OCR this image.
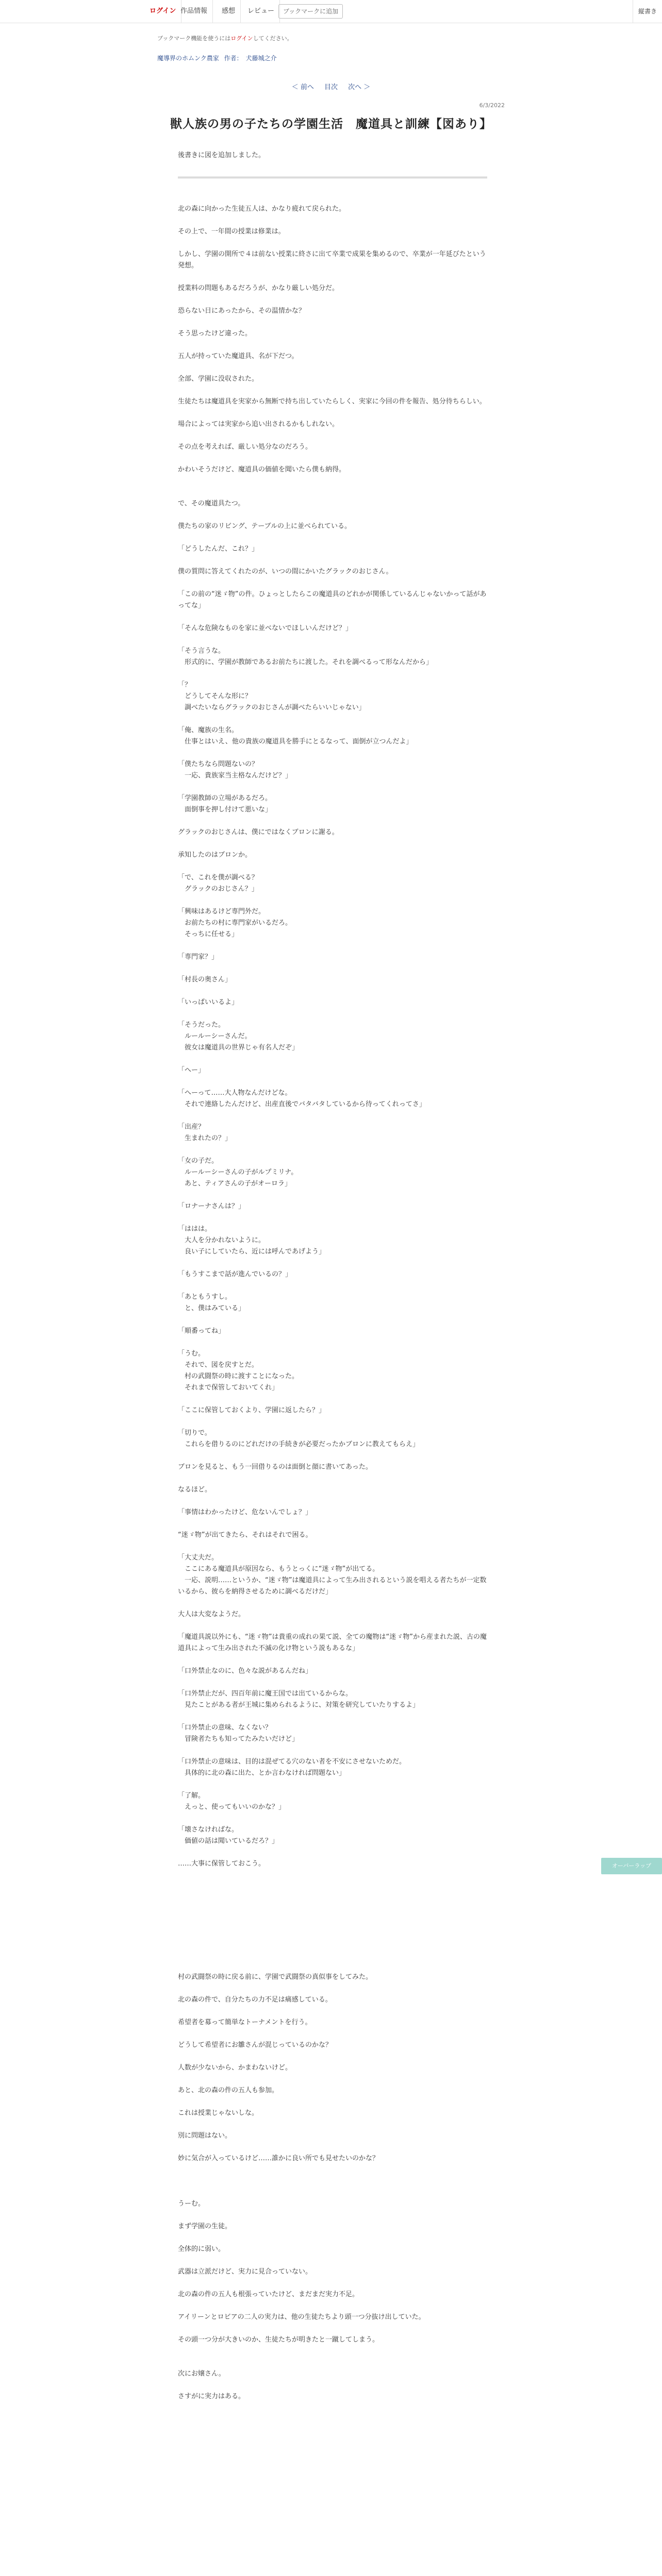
ログイン 作品情報	感想	レビュー	ブックマークに追加	縦書き
ブックマーク機能を使うにはログインしてください。
魔導界のホムンク農家 作者： 犬藤城之介
＜ 前へ 目次 次へ ＞
6/3/2022
獣人族の男の子たちの学園生活　魔道具と訓練【図あり】
後書きに図を追加しました。

北の森に向かった生徒五人は、かなり疲れて戻られた。

その上で、一年間の授業は修業は。

しかし、学園の開所で４は前ない授業に終さに出て卒業で成果を集めるので、卒業が一年延びたという発想。

授業料の問題もあるだろうが、かなり厳しい処分だ。

恐らない日にあったから、その温情かな？

そう思ったけど違った。

五人が持っていた魔道具、名が下だつ。

全部、学園に没収された。

生徒たちは魔道具を実家から無断で持ち出していたらしく、実家に今回の件を報告、処分待ちらしい。

場合によっては実家から追い出されるかもしれない。

その点を考えれば、厳しい処分なのだろう。

かわいそうだけど、魔道具の価値を聞いたら僕も納得。

で、その魔道具たつ。

僕たちの家のリビング、テーブルの上に並べられている。

「どうしたんだ、これ？」

僕の質問に答えてくれたのが、いつの間にかいたグラックのおじさん。

「この前の“迷ゞ物”の件。ひょっとしたらこの魔道具のどれかが関係しているんじゃないかって話があってな」

「そんな危険なものを家に並べないでほしいんだけど？」

「そう言うな。

　形式的に、学園が教師であるお前たちに渡した。それを調べるって形なんだから」

「？

　どうしてそんな形に？

　調べたいならグラックのおじさんが調べたらいいじゃない」

「俺、魔族の生名。

　仕事とはいえ、他の貴族の魔道具を勝手にとるなって、面倒が立つんだよ」

「僕たちなら問題ないの？

　一応、貴族家当主格なんだけど？」

「学園教師の立場があるだろ。

　面倒事を押し付けて悪いな」

グラックのおじさんは、僕にではなくブロンに謝る。

承知したのはブロンか。

「で、これを僕が調べる？

　グラックのおじさん？」

「興味はあるけど専門外だ。

　お前たちの村に専門家がいるだろ。

　そっちに任せる」

「専門家？」

「村長の奥さん」

「いっぱいいるよ」

「そうだった。

　ルールーシーさんだ。

　彼女は魔道具の世界じゃ有名人だぞ」

「へー」

「へーって……大人物なんだけどな。

　それで連絡したんだけど、出産直後でバタバタしているから待ってくれってさ」

「出産？

　生まれたの？」

「女の子だ。

　ルールーシーさんの子がルプミリナ。

　あと、ティアさんの子がオーロラ」

「ロナーナさんは？」

「ははは。

　大人を分かれないように。

　良い子にしていたら、近には呼んであげよう」

「もうすこまで話が進んでいるの？」

「あともうすし。

　と、僕はみている」

「順番ってね」

「うむ。

　それで、図を戻すとだ。

　村の武闘祭の時に渡すことになった。

　それまで保管しておいてくれ」

「ここに保管しておくより、学園に返したら？」

「切りで。

　これらを借りるのにどれだけの手続きが必要だったかブロンに教えてもらえ」

ブロンを見ると、もう一回借りるのは面倒と顔に書いてあった。

なるほど。

「事情はわかったけど、危ないんでしょ？」

“迷ゞ物”が出てきたら、それはそれで困る。

「大丈夫だ。

　ここにある魔道具が原因なら、もうとっくに“迷ゞ物”が出てる。

　一応、説明……というか、“迷ゞ物”は魔道具によって生み出されるという説を唱える者たちが一定数いるから、彼らを納得させるために調べるだけだ」

大人は大変なようだ。

「魔道具説以外にも、“迷ゞ物”は貴重の成れの果て説、全ての魔物は“迷ゞ物”から産まれた説、古の魔道具によって生み出された不滅の化け物という説もあるな」

「口外禁止なのに、色々な説があるんだね」

「口外禁止だが、四百年前に魔王国では出ているからな。

　見たことがある者が王城に集められるように、対策を研究していたりするよ」

「口外禁止の意味、なくない？

　冒険者たちも知ってたみたいだけど」

「口外禁止の意味は、目的は混ぜてる穴のない者を不安にさせないためだ。

　具体的に北の森に出た、とか言わなければ問題ない」

「了解。

　えっと、使ってもいいのかな？」

「壊さなければな。

　価値の話は聞いているだろ？」

……大事に保管しておこう。

村の武闘祭の時に戻る前に、学園で武闘祭の真似事をしてみた。

北の森の件で、自分たちの力不足は痛感している。

希望者を募って簡単なトーナメントを行う。

どうして希望者にお雛さんが混じっているのかな？

人数が少ないから、かまわないけど。

あと、北の森の件の五人も参加。

これは授業じゃないしな。

別に問題はない。

妙に気合が入っているけど……誰かに良い所でも見せたいのかな？

うーむ。

まず学園の生徒。

全体的に弱い。

武器は立派だけど、実力に見合っていない。

北の森の件の五人も根張っていたけど、まだまだ実力不足。

アイリーンとロビアの二人の実力は、他の生徒たちより頭一つ分抜け出していた。

その頭一つ分が大きいのか、生徒たちが明きたと一蹴してしまう。

次にお嬢さん。

さすがに実力はある。

オーバーラップ
